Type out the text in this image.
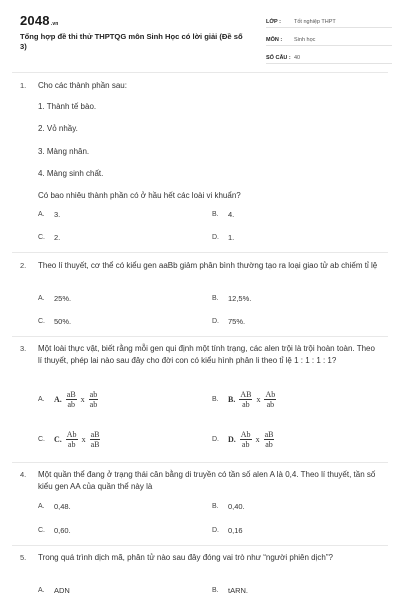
2048.vn
Tổng hợp đề thi thử THPTQG môn Sinh Học có lời giải (Đề số 3)
LỚP :	Tốt nghiệp THPT
MÔN :	Sinh học
SỐ CÂU : 40
1. Cho các thành phần sau:
1. Thành tế bào.
2. Vỏ nhầy.
3. Màng nhân.
4. Màng sinh chất.
Có bao nhiêu thành phần có ở hầu hết các loài vi khuẩn?
A.	3.	B.	4.
C.	2.	D.	1.
2. Theo lí thuyết, cơ thể có kiểu gen aaBb giảm phân bình thường tạo ra loại giao tử ab chiếm tỉ lệ
A.	25%.	B.	12,5%.
C.	50%.	D.	75%.
3. Một loài thực vật, biết rằng mỗi gen qui định một tính trạng, các alen trội là trội hoàn toàn. Theo lí thuyết, phép lai nào sau đây cho đời con có kiểu hình phân li theo tỉ lệ 1 : 1 : 1 : 1?
A.	A. $\frac{aB}{ab}$ x $\frac{ab}{ab}$	B.	B. $\frac{AB}{ab}$ x $\frac{Ab}{ab}$
C.	C. $\frac{Ab}{ab}$ x $\frac{aB}{aB}$	D.	D. $\frac{Ab}{ab}$ x $\frac{aB}{ab}$
4. Một quần thể đang ở trạng thái cân bằng di truyền có tần số alen A là 0,4. Theo lí thuyết, tần số kiểu gen AA của quần thể này là
A.	0,48.	B.	0,40.
C.	0,60.	D.	0,16
5. Trong quá trình dịch mã, phân tử nào sau đây đóng vai trò như “người phiên dịch”?
A.	ADN	B.	tARN.
